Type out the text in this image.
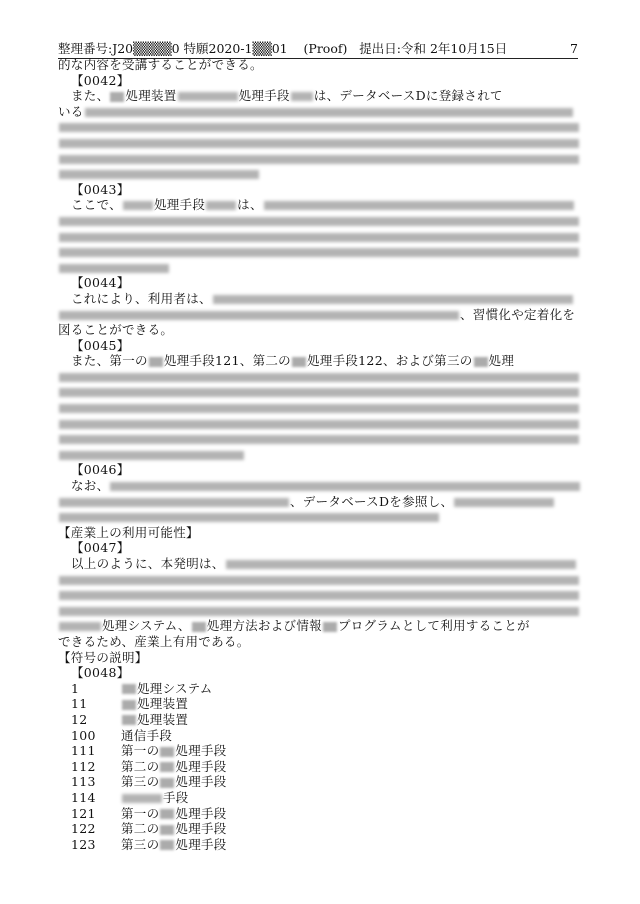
整理番号:J20▒▒▒▒0 特願2020-1▒▒01 (Proof) 提出日:令和 2年10月15日	7
的な内容を受講することができる。
【0042】
また、 処理装置	処理手段 は、データベースDに登録されて
いる
【0043】
ここで、	処理手段	は、
【0044】
これにより、利用者は、
、習慣化や定着化を
図ることができる。
【0045】
また、第一の 処理手段121、第二の 処理手段122、および第三の 処理
【0046】
なお、
、データベースDを参照し、
【産業上の利用可能性】
【0047】
以上のように、本発明は、
処理システム、 処理方法および情報 プログラムとして利用することが
できるため、産業上有用である。
【符号の説明】
【0048】
1	処理システム
11	処理装置
12	処理装置
100 通信手段
111 第一の 処理手段
112 第二の 処理手段
113 第三の 処理手段
114	手段
121 第一の 処理手段
122 第二の 処理手段
123 第三の 処理手段
